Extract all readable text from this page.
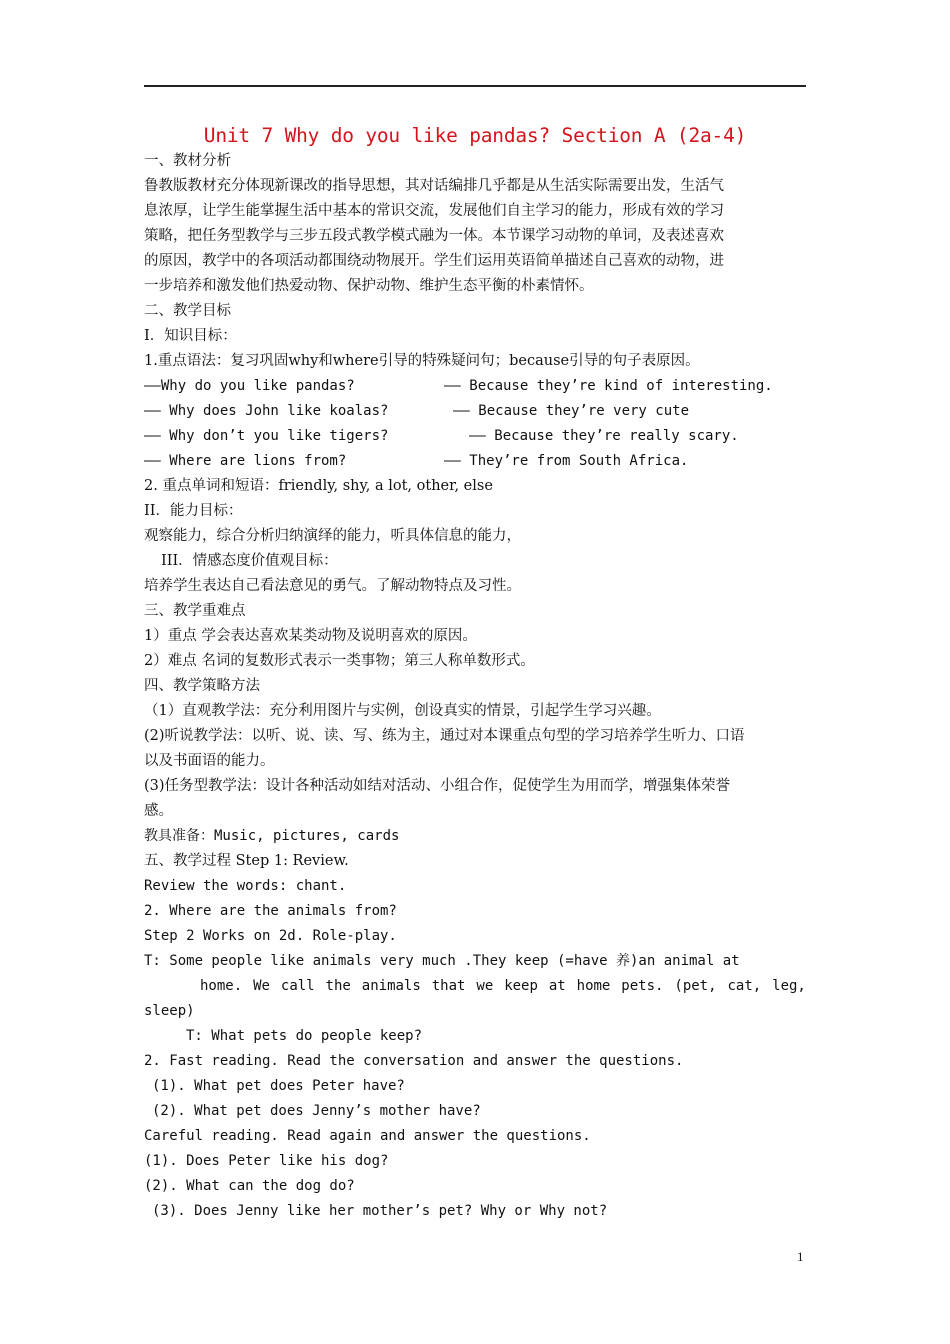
Unit 7 Why do you like pandas? Section A (2a-4)
一、教材分析
鲁教版教材充分体现新课改的指导思想，其对话编排几乎都是从生活实际需要出发，生活气
息浓厚，让学生能掌握生活中基本的常识交流，发展他们自主学习的能力，形成有效的学习
策略，把任务型教学与三步五段式教学模式融为一体。本节课学习动物的单词，及表述喜欢
的原因，教学中的各项活动都围绕动物展开。学生们运用英语简单描述自己喜欢的动物，进
一步培养和激发他们热爱动物、保护动物、维护生态平衡的朴素情怀。
二、教学目标
I．知识目标：
1.重点语法：复习巩固why和where引导的特殊疑问句；because引导的句子表原因。
——Why do you like pandas?	—— Because they’re kind of interesting.
—— Why does John like koalas?	—— Because they’re very cute
—— Why don’t you like tigers?	—— Because they’re really scary.
—— Where are lions from?	—— They’re from South Africa.
2. 重点单词和短语：friendly, shy, a lot, other, else
II．能力目标：
观察能力，综合分析归纳演绎的能力，听具体信息的能力，
III．情感态度价值观目标：
培养学生表达自己看法意见的勇气。了解动物特点及习性。
三、教学重难点
1）重点 学会表达喜欢某类动物及说明喜欢的原因。
2）难点 名词的复数形式表示一类事物；第三人称单数形式。
四、教学策略方法
（1）直观教学法：充分利用图片与实例，创设真实的情景，引起学生学习兴趣。
(2)听说教学法：以听、说、读、写、练为主，通过对本课重点句型的学习培养学生听力、口语
以及书面语的能力。
(3)任务型教学法：设计各种活动如结对活动、小组合作，促使学生为用而学，增强集体荣誉
感。
教具准备：Music, pictures, cards
五、教学过程 Step 1: Review.
Review the words: chant.
2. Where are the animals from?
Step 2 Works on 2d. Role-play.
T: Some people like animals very much .They keep (=have 养)an animal at
home. We call the animals that we keep at home pets. (pet, cat, leg,
sleep)
T: What pets do people keep?
2. Fast reading. Read the conversation and answer the questions.
(1). What pet does Peter have?
(2). What pet does Jenny’s mother have?
Careful reading. Read again and answer the questions.
(1). Does Peter like his dog?
(2). What can the dog do?
(3). Does Jenny like her mother’s pet? Why or Why not?
1
